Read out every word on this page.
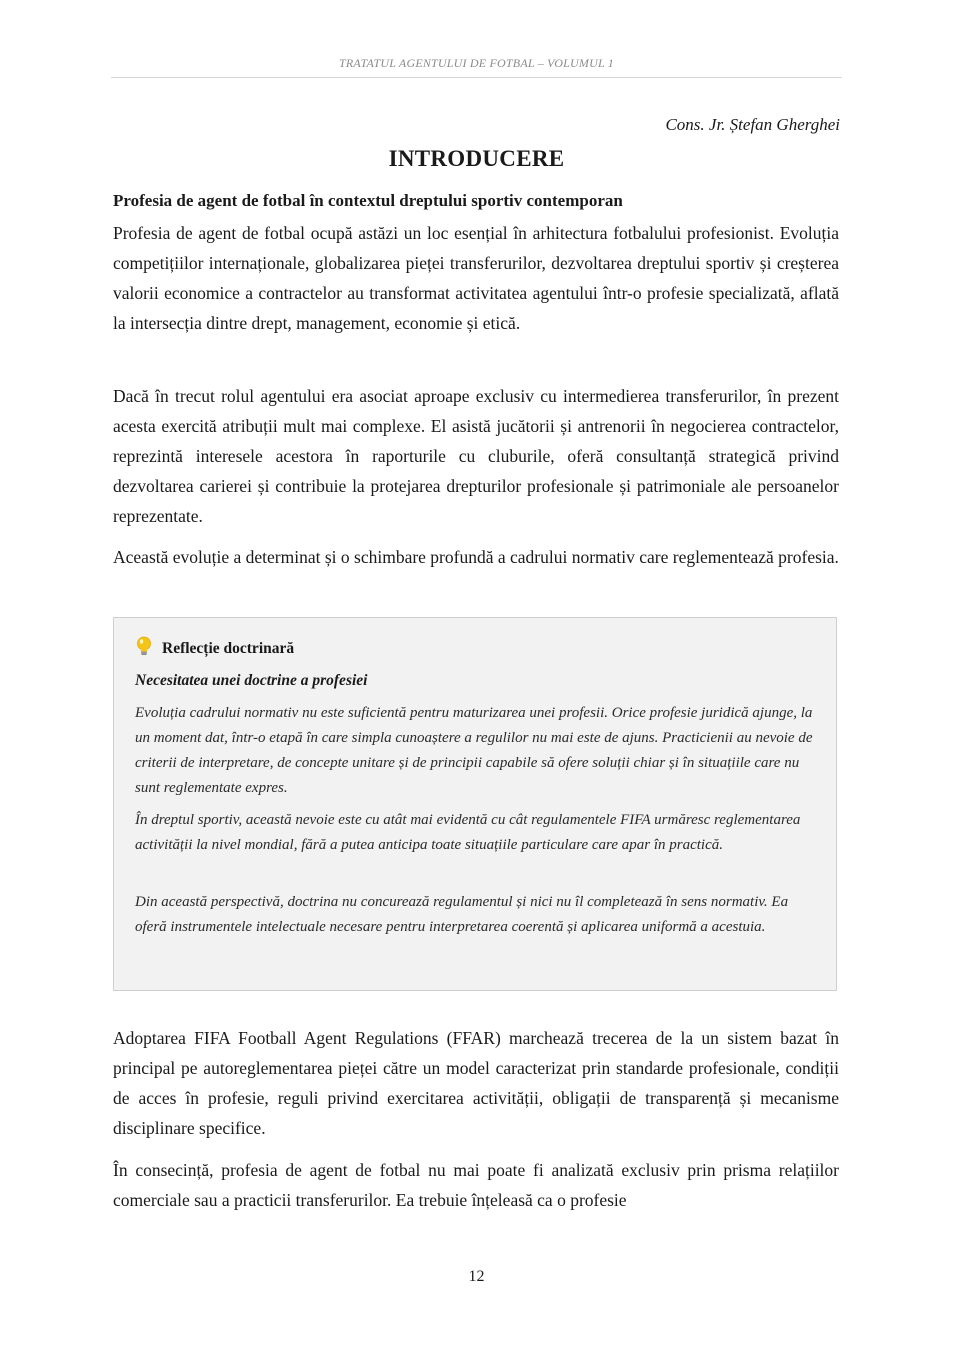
TRATATUL AGENTULUI DE FOTBAL – VOLUMUL 1
Cons. Jr. Ștefan Gherghei
INTRODUCERE
Profesia de agent de fotbal în contextul dreptului sportiv contemporan

Profesia de agent de fotbal ocupă astăzi un loc esențial în arhitectura fotbalului profesionist. Evoluția competițiilor internaționale, globalizarea pieței transferurilor, dezvoltarea dreptului sportiv și creșterea valorii economice a contractelor au transformat activitatea agentului într-o profesie specializată, aflată la intersecția dintre drept, management, economie și etică.

Dacă în trecut rolul agentului era asociat aproape exclusiv cu intermedierea transferurilor, în prezent acesta exercită atribuții mult mai complexe. El asistă jucătorii și antrenorii în negocierea contractelor, reprezintă interesele acestora în raporturile cu cluburile, oferă consultanță strategică privind dezvoltarea carierei și contribuie la protejarea drepturilor profesionale și patrimoniale ale persoanelor reprezentate.

Această evoluție a determinat și o schimbare profundă a cadrului normativ care reglementează profesia.

Reflecție doctrinară

Necesitatea unei doctrine a profesiei

Evoluția cadrului normativ nu este suficientă pentru maturizarea unei profesii. Orice profesie juridică ajunge, la un moment dat, într-o etapă în care simpla cunoaștere a regulilor nu mai este de ajuns. Practicienii au nevoie de criterii de interpretare, de concepte unitare și de principii capabile să ofere soluții chiar și în situațiile care nu sunt reglementate expres.

În dreptul sportiv, această nevoie este cu atât mai evidentă cu cât regulamentele FIFA urmăresc reglementarea activității la nivel mondial, fără a putea anticipa toate situațiile particulare care apar în practică.

Din această perspectivă, doctrina nu concurează regulamentul și nici nu îl completează în sens normativ. Ea oferă instrumentele intelectuale necesare pentru interpretarea coerentă și aplicarea uniformă a acestuia.

Adoptarea FIFA Football Agent Regulations (FFAR) marchează trecerea de la un sistem bazat în principal pe autoreglementarea pieței către un model caracterizat prin standarde profesionale, condiții de acces în profesie, reguli privind exercitarea activității, obligații de transparență și mecanisme disciplinare specifice.

În consecință, profesia de agent de fotbal nu mai poate fi analizată exclusiv prin prisma relațiilor comerciale sau a practicii transferurilor. Ea trebuie înțeleasă ca o profesie

12
